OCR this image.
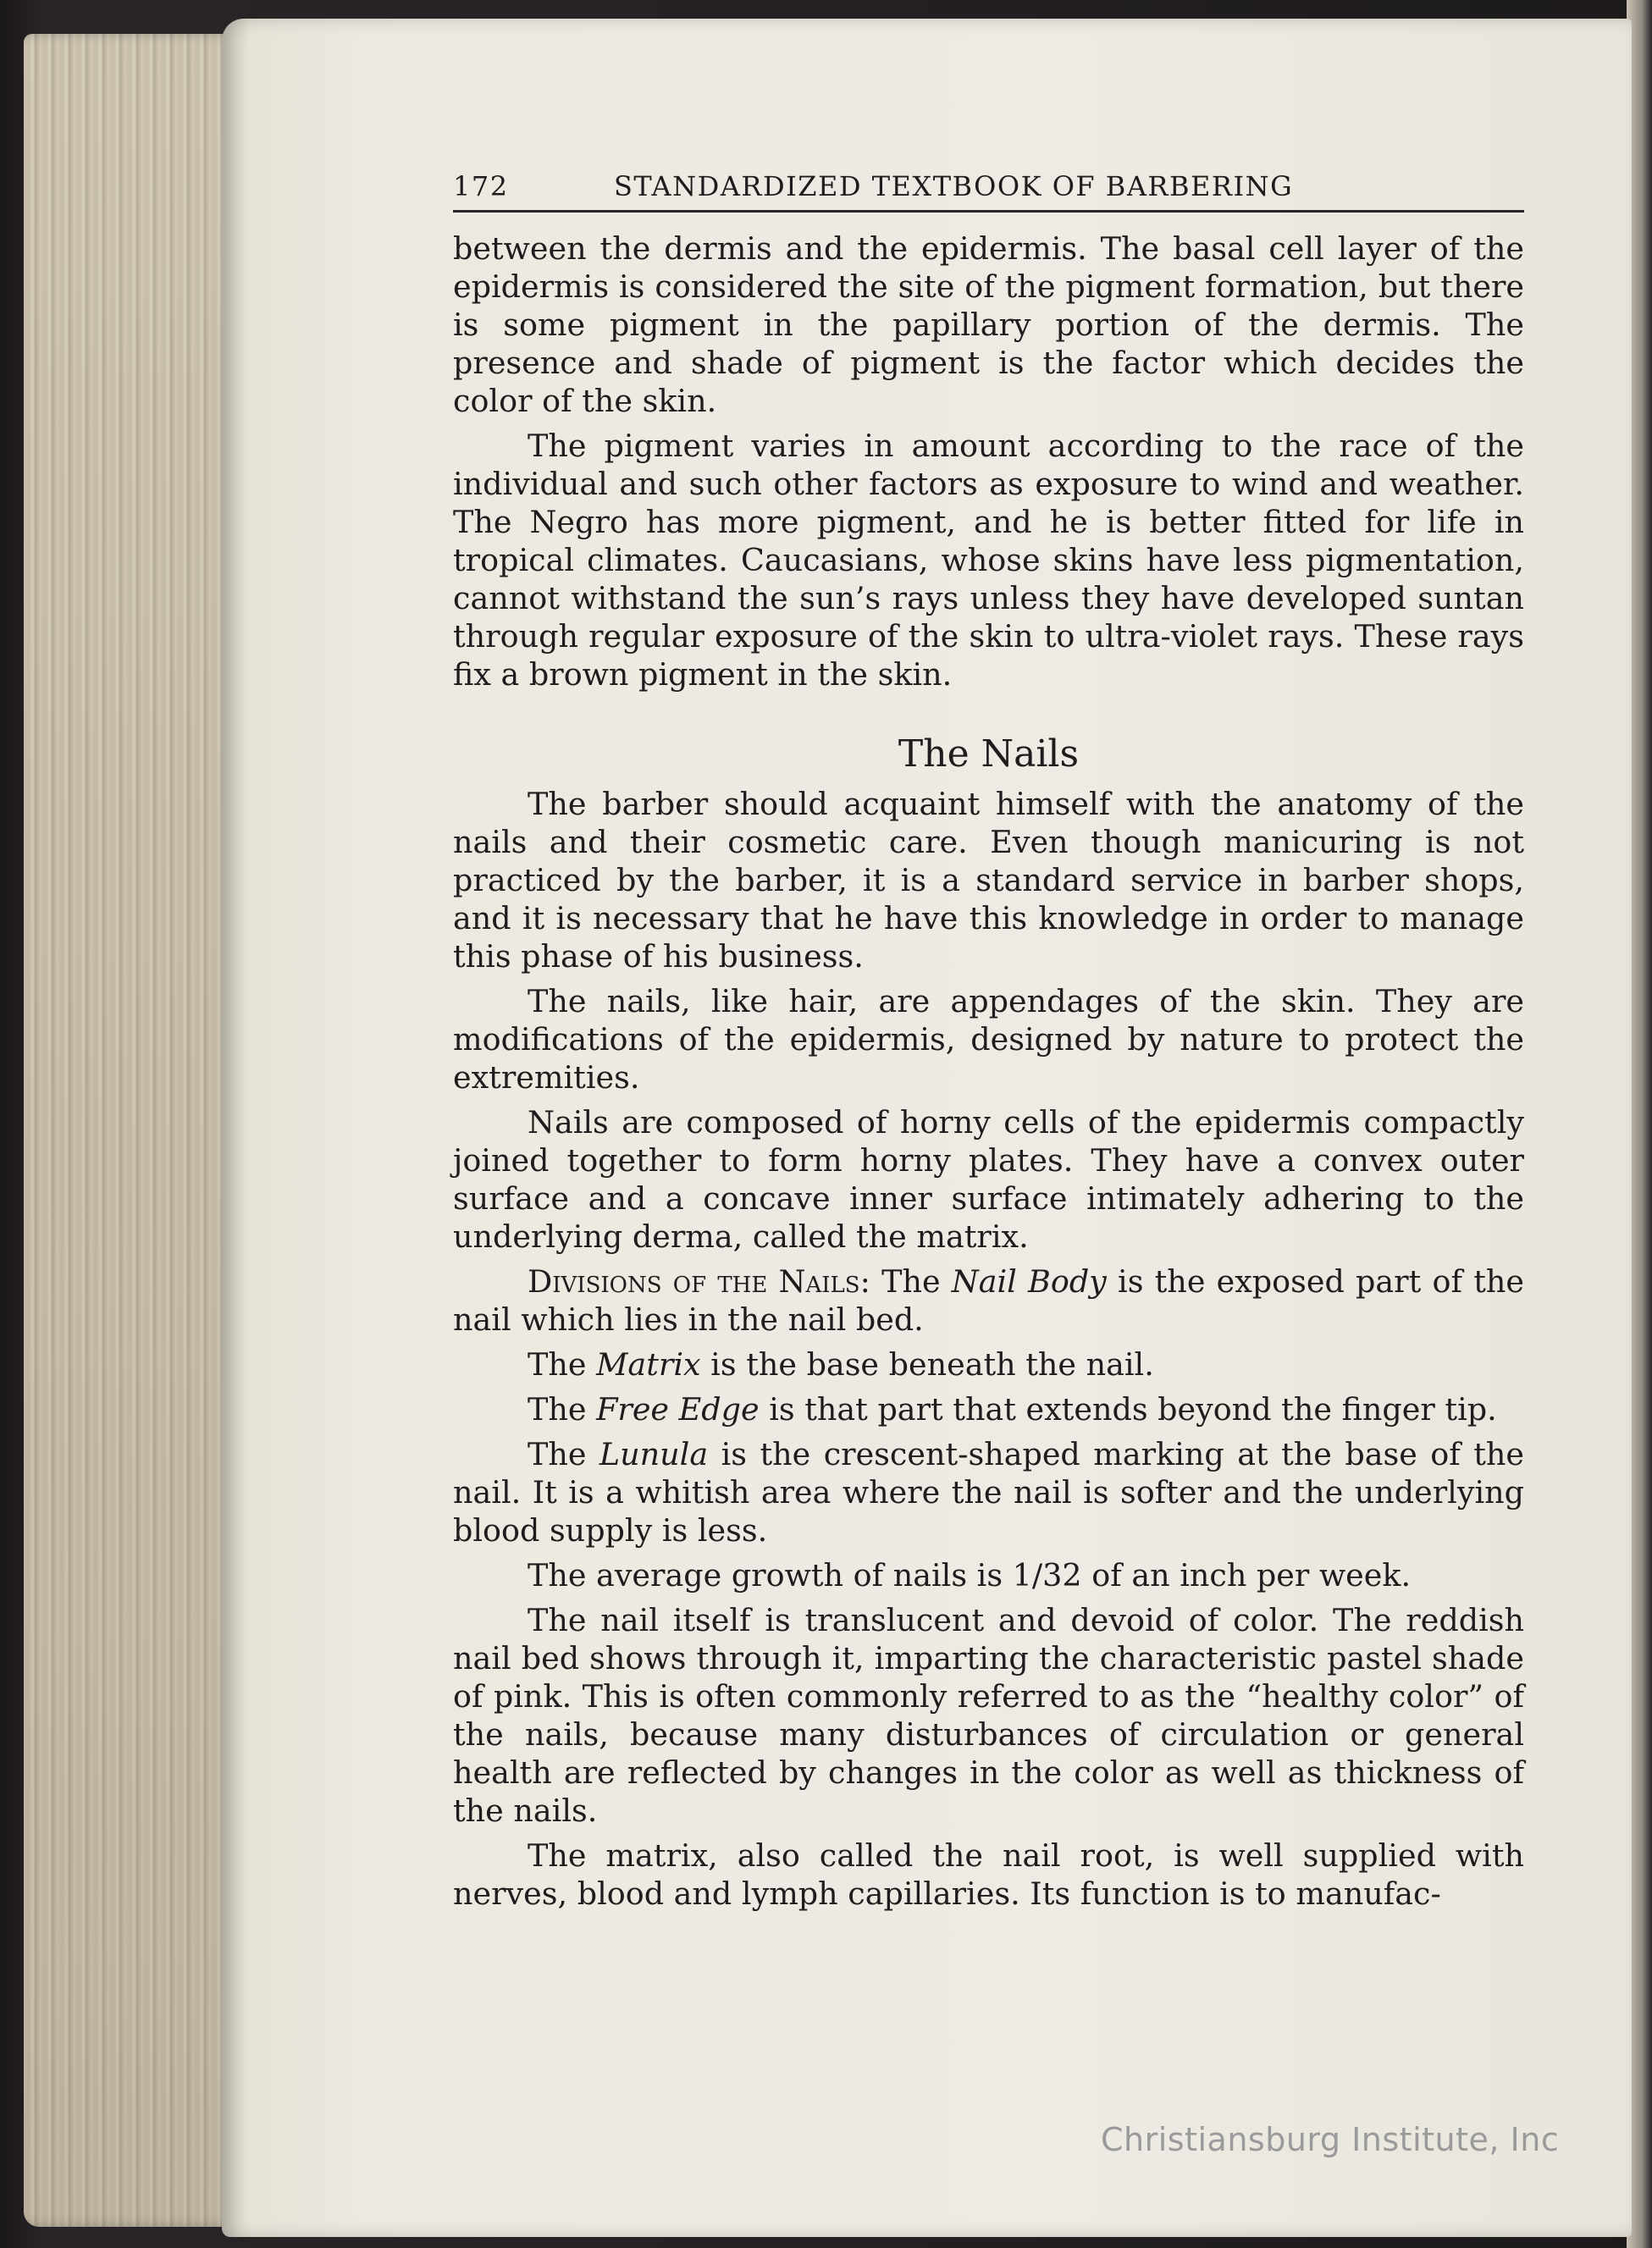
172	STANDARDIZED TEXTBOOK OF BARBERING

between the dermis and the epidermis. The basal cell layer of the epidermis is considered the site of the pigment formation, but there is some pigment in the papillary portion of the dermis. The presence and shade of pigment is the factor which decides the color of the skin.

The pigment varies in amount according to the race of the individual and such other factors as exposure to wind and weather. The Negro has more pigment, and he is better fitted for life in tropical climates. Caucasians, whose skins have less pigmentation, cannot withstand the sun’s rays unless they have developed suntan through regular exposure of the skin to ultra-violet rays. These rays fix a brown pigment in the skin.

The Nails

The barber should acquaint himself with the anatomy of the nails and their cosmetic care. Even though manicuring is not practiced by the barber, it is a standard service in barber shops, and it is necessary that he have this knowledge in order to manage this phase of his business.

The nails, like hair, are appendages of the skin. They are modifications of the epidermis, designed by nature to protect the extremities.

Nails are composed of horny cells of the epidermis compactly joined together to form horny plates. They have a convex outer surface and a concave inner surface intimately adhering to the underlying derma, called the matrix.

Divisions of the Nails: The Nail Body is the exposed part of the nail which lies in the nail bed.

The Matrix is the base beneath the nail.

The Free Edge is that part that extends beyond the finger tip.

The Lunula is the crescent-shaped marking at the base of the nail. It is a whitish area where the nail is softer and the underlying blood supply is less.

The average growth of nails is 1/32 of an inch per week.

The nail itself is translucent and devoid of color. The reddish nail bed shows through it, imparting the characteristic pastel shade of pink. This is often commonly referred to as the “healthy color” of the nails, because many disturbances of circulation or general health are reflected by changes in the color as well as thickness of the nails.

The matrix, also called the nail root, is well supplied with nerves, blood and lymph capillaries. Its function is to manufac-

Christiansburg Institute, Inc
